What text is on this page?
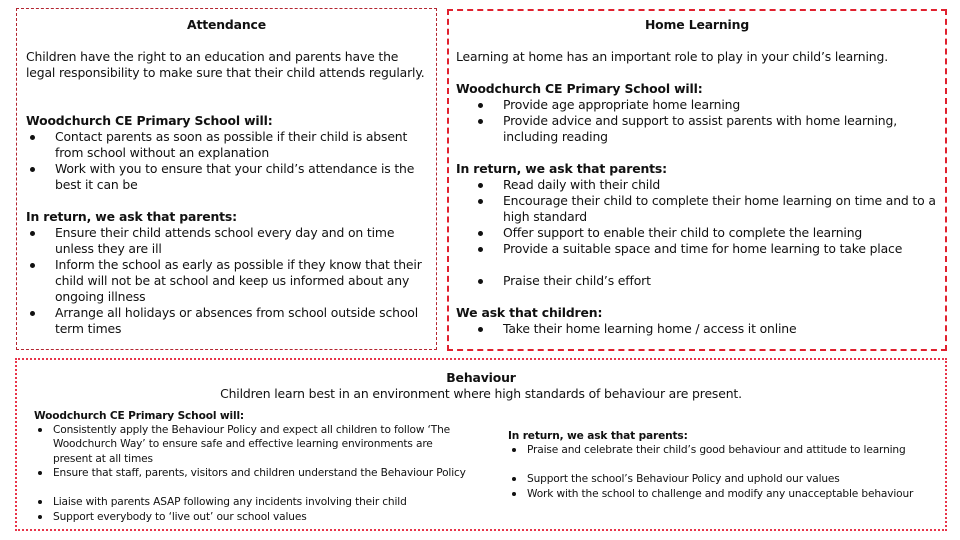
Attendance

Children have the right to an education and parents have the legal responsibility to make sure that their child attends regularly.

Woodchurch CE Primary School will:

Contact parents as soon as possible if their child is absent from school without an explanation
Work with you to ensure that your child’s attendance is the best it can be

In return, we ask that parents:

Ensure their child attends school every day and on time unless they are ill
Inform the school as early as possible if they know that their child will not be at school and keep us informed about any ongoing illness
Arrange all holidays or absences from school outside school term times
Home Learning

Learning at home has an important role to play in your child’s learning.

Woodchurch CE Primary School will:

Provide age appropriate home learning
Provide advice and support to assist parents with home learning, including reading

In return, we ask that parents:

Read daily with their child
Encourage their child to complete their home learning on time and to a high standard
Offer support to enable their child to complete the learning
Provide a suitable space and time for home learning to take place
Praise their child’s effort

We ask that children:

Take their home learning home / access it online
Behaviour
Children learn best in an environment where high standards of behaviour are present.

Woodchurch CE Primary School will:

Consistently apply the Behaviour Policy and expect all children to follow ‘The Woodchurch Way’ to ensure safe and effective learning environments are present at all times
Ensure that staff, parents, visitors and children understand the Behaviour Policy
Liaise with parents ASAP following any incidents involving their child
Support everybody to ‘live out’ our school values

In return, we ask that parents:

Praise and celebrate their child’s good behaviour and attitude to learning
Support the school’s Behaviour Policy and uphold our values
Work with the school to challenge and modify any unacceptable behaviour
